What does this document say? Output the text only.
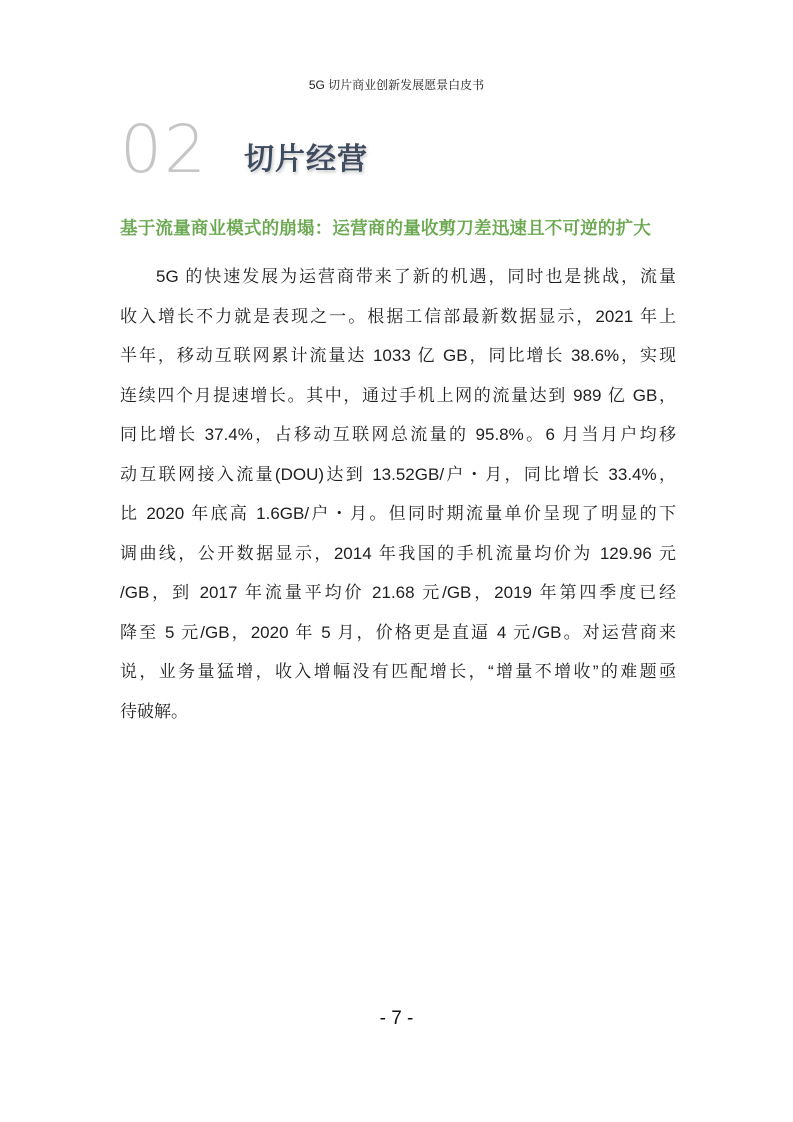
5G 切片商业创新发展愿景白皮书
02 切片经营
基于流量商业模式的崩塌：运营商的量收剪刀差迅速且不可逆的扩大
5G 的快速发展为运营商带来了新的机遇，同时也是挑战，流量
收入增长不力就是表现之一。根据工信部最新数据显示，2021 年上
半年，移动互联网累计流量达 1033 亿 GB，同比增长 38.6%，实现
连续四个月提速增长。其中，通过手机上网的流量达到 989 亿 GB，
同比增长 37.4%，占移动互联网总流量的 95.8%。6 月当月户均移
动互联网接入流量(DOU)达到 13.52GB/户・月，同比增长 33.4%，
比 2020 年底高 1.6GB/户・月。但同时期流量单价呈现了明显的下
调曲线，公开数据显示，2014 年我国的手机流量均价为 129.96 元
/GB，到 2017 年流量平均价 21.68 元/GB，2019 年第四季度已经
降至 5 元/GB，2020 年 5 月，价格更是直逼 4 元/GB。对运营商来
说，业务量猛增，收入增幅没有匹配增长，“增量不增收”的难题亟
待破解。
- 7 -
